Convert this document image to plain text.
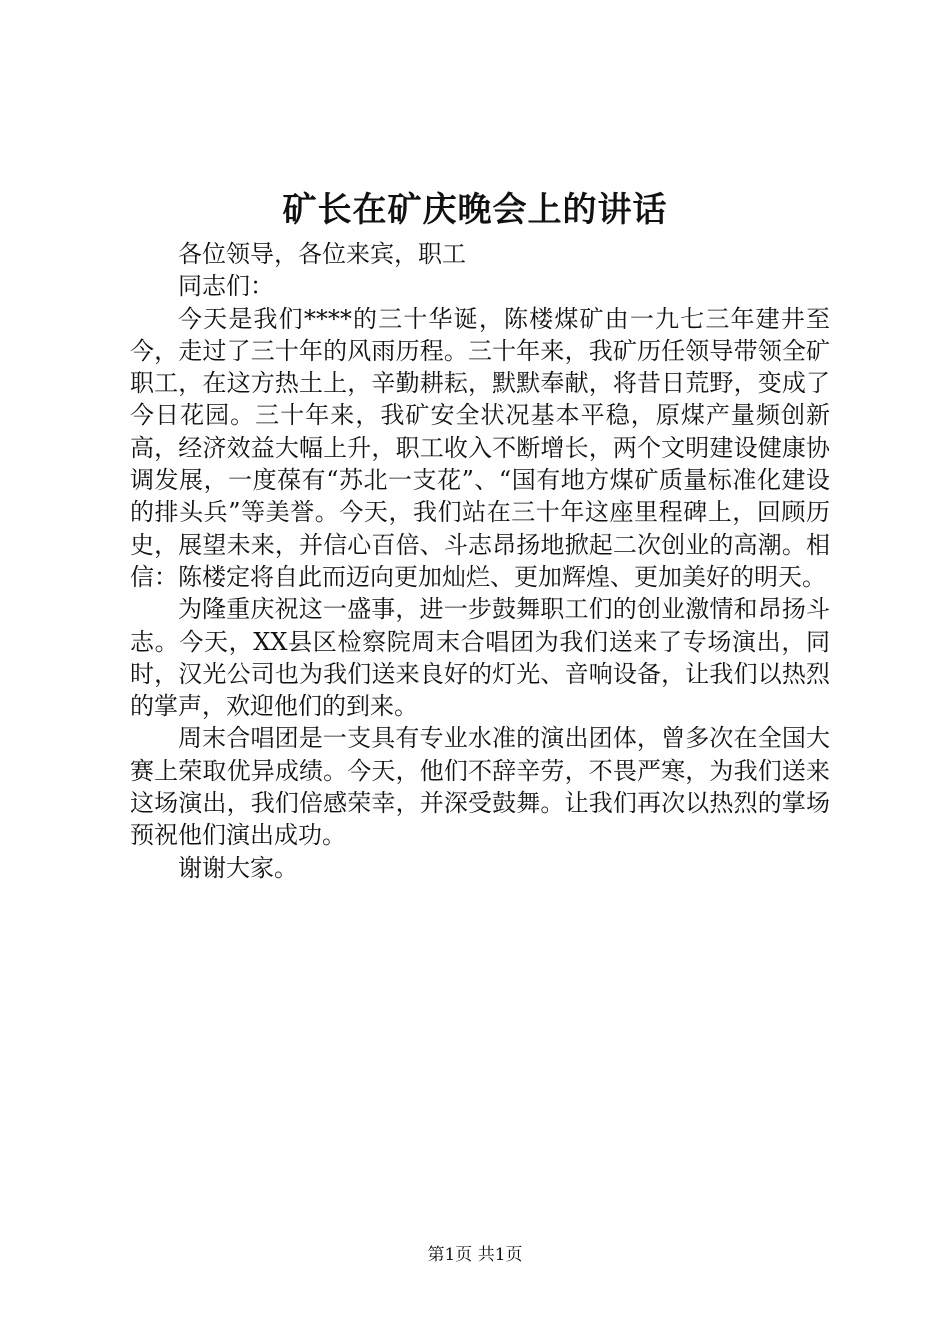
矿长在矿庆晚会上的讲话

各位领导，各位来宾，职工

同志们：

今天是我们****的三十华诞，陈楼煤矿由一九七三年建井至今，走过了三十年的风雨历程。三十年来，我矿历任领导带领全矿职工，在这方热土上，辛勤耕耘，默默奉献，将昔日荒野，变成了今日花园。三十年来，我矿安全状况基本平稳，原煤产量频创新高，经济效益大幅上升，职工收入不断增长，两个文明建设健康协调发展，一度葆有“苏北一支花”、“国有地方煤矿质量标准化建设的排头兵”等美誉。今天，我们站在三十年这座里程碑上，回顾历史，展望未来，并信心百倍、斗志昂扬地掀起二次创业的高潮。相信：陈楼定将自此而迈向更加灿烂、更加辉煌、更加美好的明天。

为隆重庆祝这一盛事，进一步鼓舞职工们的创业激情和昂扬斗志。今天，XX县区检察院周末合唱团为我们送来了专场演出，同时，汉光公司也为我们送来良好的灯光、音响设备，让我们以热烈的掌声，欢迎他们的到来。

周末合唱团是一支具有专业水准的演出团体，曾多次在全国大赛上荣取优异成绩。今天，他们不辞辛劳，不畏严寒，为我们送来这场演出，我们倍感荣幸，并深受鼓舞。让我们再次以热烈的掌场预祝他们演出成功。

谢谢大家。

第1页 共1页
